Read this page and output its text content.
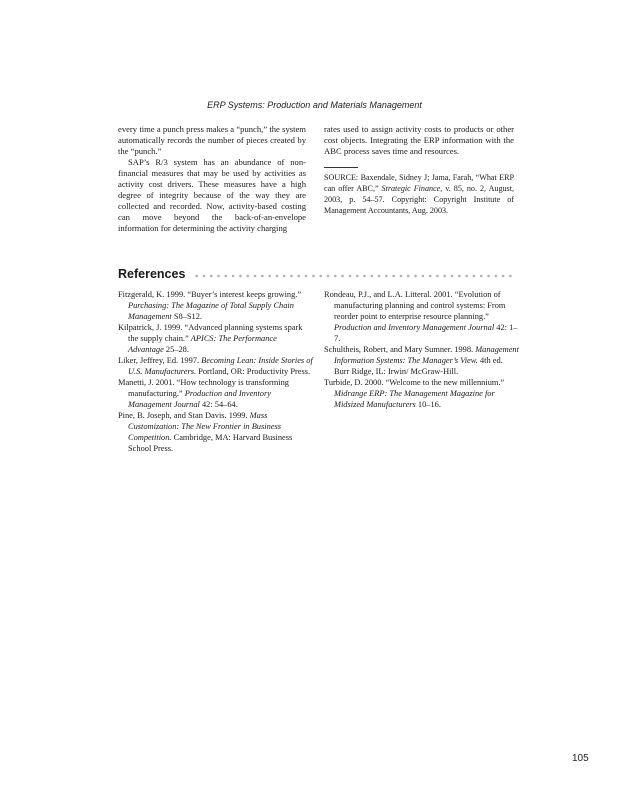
ERP Systems: Production and Materials Management

every time a punch press makes a “punch,” the system automatically records the number of pieces created by the “punch.”

SAP’s R/3 system has an abundance of non-financial measures that may be used by activities as activity cost drivers. These measures have a high degree of integrity because of the way they are collected and recorded. Now, activity-based costing can move beyond the back-of-an-envelope information for determining the activity charging

rates used to assign activity costs to products or other cost objects. Integrating the ERP information with the ABC process saves time and resources.

SOURCE: Baxendale, Sidney J; Jama, Farah, “What ERP can offer ABC,” Strategic Finance, v. 85, no. 2, August, 2003, p. 54–57. Copyright: Copyright Institute of Management Accountants, Aug. 2003.

References

Fitzgerald, K. 1999. “Buyer’s interest keeps growing.” Purchasing: The Magazine of Total Supply Chain Management S8–S12.

Kilpatrick, J. 1999. “Advanced planning systems spark the supply chain.” APICS: The Performance Advantage 25–28.

Liker, Jeffrey, Ed. 1997. Becoming Lean: Inside Stories of U.S. Manufacturers. Portland, OR: Productivity Press.

Manetti, J. 2001. “How technology is transforming manufacturing.” Production and Inventory Management Journal 42: 54–64.

Pine, B. Joseph, and Stan Davis. 1999. Mass Customization: The New Frontier in Business Competition. Cambridge, MA: Harvard Business School Press.

Rondeau, P.J., and L.A. Litteral. 2001. “Evolution of manufacturing planning and control systems: From reorder point to enterprise resource planning.” Production and Inventory Management Journal 42: 1–7.

Schultheis, Robert, and Mary Sumner. 1998. Management Information Systems: The Manager’s View. 4th ed. Burr Ridge, IL: Irwin/ McGraw-Hill.

Turbide, D. 2000. “Welcome to the new millennium.” Midrange ERP: The Management Magazine for Midsized Manufacturers 10–16.

105
